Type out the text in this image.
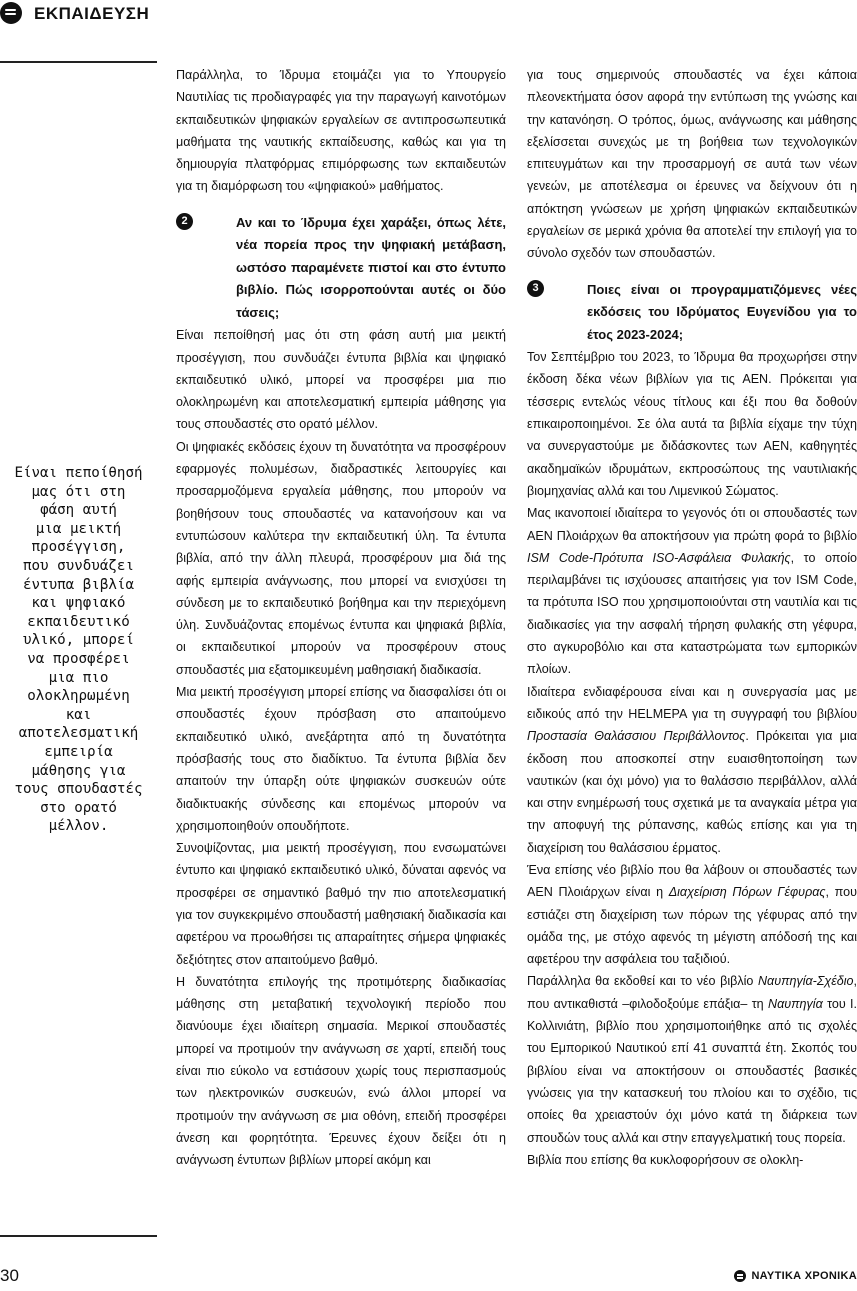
ΕΚΠΑΙΔΕΥΣΗ
Είναι πεποίθησή
μας ότι στη
φάση αυτή
μια μεικτή
προσέγγιση,
που συνδυάζει
έντυπα βιβλία
και ψηφιακό
εκπαιδευτικό
υλικό, μπορεί
να προσφέρει
μια πιο
ολοκληρωμένη
και
αποτελεσματική
εμπειρία
μάθησης για
τους σπουδαστές
στο ορατό
μέλλον.

Παράλληλα, το Ίδρυμα ετοιμάζει για το Υπουργείο Ναυτιλίας τις προδιαγραφές για την παραγωγή καινοτόμων εκπαιδευτικών ψηφιακών εργαλείων σε αντιπροσωπευτικά μαθήματα της ναυτικής εκπαίδευσης, καθώς και για τη δημιουργία πλατφόρμας επιμόρφωσης των εκπαιδευτών για τη διαμόρφωση του «ψηφιακού» μαθήματος.

2	Αν και το Ίδρυμα έχει χαράξει, όπως λέτε, νέα πορεία προς την ψηφιακή μετάβαση, ωστόσο παραμένετε πιστοί και στο έντυπο βιβλίο. Πώς ισορροπούνται αυτές οι δύο τάσεις;

Είναι πεποίθησή μας ότι στη φάση αυτή μια μεικτή προσέγγιση, που συνδυάζει έντυπα βιβλία και ψηφιακό εκπαιδευτικό υλικό, μπορεί να προσφέρει μια πιο ολοκληρωμένη και αποτελεσματική εμπειρία μάθησης για τους σπουδαστές στο ορατό μέλλον.

Οι ψηφιακές εκδόσεις έχουν τη δυνατότητα να προσφέρουν εφαρμογές πολυμέσων, διαδραστικές λειτουργίες και προσαρμοζόμενα εργαλεία μάθησης, που μπορούν να βοηθήσουν τους σπουδαστές να κατανοήσουν και να εντυπώσουν καλύτερα την εκπαιδευτική ύλη. Τα έντυπα βιβλία, από την άλλη πλευρά, προσφέρουν μια διά της αφής εμπειρία ανάγνωσης, που μπορεί να ενισχύσει τη σύνδεση με το εκπαιδευτικό βοήθημα και την περιεχόμενη ύλη. Συνδυάζοντας επομένως έντυπα και ψηφιακά βιβλία, οι εκπαιδευτικοί μπορούν να προσφέρουν στους σπουδαστές μια εξατομικευμένη μαθησιακή διαδικασία.

Μια μεικτή προσέγγιση μπορεί επίσης να διασφαλίσει ότι οι σπουδαστές έχουν πρόσβαση στο απαιτούμενο εκπαιδευτικό υλικό, ανεξάρτητα από τη δυνατότητα πρόσβασής τους στο διαδίκτυο. Τα έντυπα βιβλία δεν απαιτούν την ύπαρξη ούτε ψηφιακών συσκευών ούτε διαδικτυακής σύνδεσης και επομένως μπορούν να χρησιμοποιηθούν οπουδήποτε.

Συνοψίζοντας, μια μεικτή προσέγγιση, που ενσωματώνει έντυπο και ψηφιακό εκπαιδευτικό υλικό, δύναται αφενός να προσφέρει σε σημαντικό βαθμό την πιο αποτελεσματική για τον συγκεκριμένο σπουδαστή μαθησιακή διαδικασία και αφετέρου να προωθήσει τις απαραίτητες σήμερα ψηφιακές δεξιότητες στον απαιτούμενο βαθμό.

Η δυνατότητα επιλογής της προτιμότερης διαδικασίας μάθησης στη μεταβατική τεχνολογική περίοδο που διανύουμε έχει ιδιαίτερη σημασία. Μερικοί σπουδαστές μπορεί να προτιμούν την ανάγνωση σε χαρτί, επειδή τους είναι πιο εύκολο να εστιάσουν χωρίς τους περισπασμούς των ηλεκτρονικών συσκευών, ενώ άλλοι μπορεί να προτιμούν την ανάγνωση σε μια οθόνη, επειδή προσφέρει άνεση και φορητότητα. Έρευνες έχουν δείξει ότι η ανάγνωση έντυπων βιβλίων μπορεί ακόμη και

για τους σημερινούς σπουδαστές να έχει κάποια πλεονεκτήματα όσον αφορά την εντύπωση της γνώσης και την κατανόηση. Ο τρόπος, όμως, ανάγνωσης και μάθησης εξελίσσεται συνεχώς με τη βοήθεια των τεχνολογικών επιτευγμάτων και την προσαρμογή σε αυτά των νέων γενεών, με αποτέλεσμα οι έρευνες να δείχνουν ότι η απόκτηση γνώσεων με χρήση ψηφιακών εκπαιδευτικών εργαλείων σε μερικά χρόνια θα αποτελεί την επιλογή για το σύνολο σχεδόν των σπουδαστών.

3	Ποιες είναι οι προγραμματιζόμενες νέες εκδόσεις του Ιδρύματος Ευγενίδου για το έτος 2023-2024;

Τον Σεπτέμβριο του 2023, το Ίδρυμα θα προχωρήσει στην έκδοση δέκα νέων βιβλίων για τις ΑΕΝ. Πρόκειται για τέσσερις εντελώς νέους τίτλους και έξι που θα δοθούν επικαιροποιημένοι. Σε όλα αυτά τα βιβλία είχαμε την τύχη να συνεργαστούμε με διδάσκοντες των ΑΕΝ, καθηγητές ακαδημαϊκών ιδρυμάτων, εκπροσώπους της ναυτιλιακής βιομηχανίας αλλά και του Λιμενικού Σώματος.

Μας ικανοποιεί ιδιαίτερα το γεγονός ότι οι σπουδαστές των ΑΕΝ Πλοιάρχων θα αποκτήσουν για πρώτη φορά το βιβλίο ISM Code-Πρότυπα ISO-Ασφάλεια Φυλακής, το οποίο περιλαμβάνει τις ισχύουσες απαιτήσεις για τον ISM Code, τα πρότυπα ISO που χρησιμοποιούνται στη ναυτιλία και τις διαδικασίες για την ασφαλή τήρηση φυλακής στη γέφυρα, στο αγκυροβόλιο και στα καταστρώματα των εμπορικών πλοίων.

Ιδιαίτερα ενδιαφέρουσα είναι και η συνεργασία μας με ειδικούς από την HELMEPA για τη συγγραφή του βιβλίου Προστασία Θαλάσσιου Περιβάλλοντος. Πρόκειται για μια έκδοση που αποσκοπεί στην ευαισθητοποίηση των ναυτικών (και όχι μόνο) για το θαλάσσιο περιβάλλον, αλλά και στην ενημέρωσή τους σχετικά με τα αναγκαία μέτρα για την αποφυγή της ρύπανσης, καθώς επίσης και για τη διαχείριση του θαλάσσιου έρματος.

Ένα επίσης νέο βιβλίο που θα λάβουν οι σπουδαστές των ΑΕΝ Πλοιάρχων είναι η Διαχείριση Πόρων Γέφυρας, που εστιάζει στη διαχείριση των πόρων της γέφυρας από την ομάδα της, με στόχο αφενός τη μέγιστη απόδοσή της και αφετέρου την ασφάλεια του ταξιδιού.

Παράλληλα θα εκδοθεί και το νέο βιβλίο Ναυπηγία-Σχέδιο, που αντικαθιστά –φιλοδοξούμε επάξια– τη Ναυπηγία του Ι. Κολλινιάτη, βιβλίο που χρησιμοποιήθηκε από τις σχολές του Εμπορικού Ναυτικού επί 41 συναπτά έτη. Σκοπός του βιβλίου είναι να αποκτήσουν οι σπουδαστές βασικές γνώσεις για την κατασκευή του πλοίου και το σχέδιο, τις οποίες θα χρειαστούν όχι μόνο κατά τη διάρκεια των σπουδών τους αλλά και στην επαγγελματική τους πορεία.

Βιβλία που επίσης θα κυκλοφορήσουν σε ολοκλη-

30	ΝΑΥΤΙΚΑ ΧΡΟΝΙΚΑ
